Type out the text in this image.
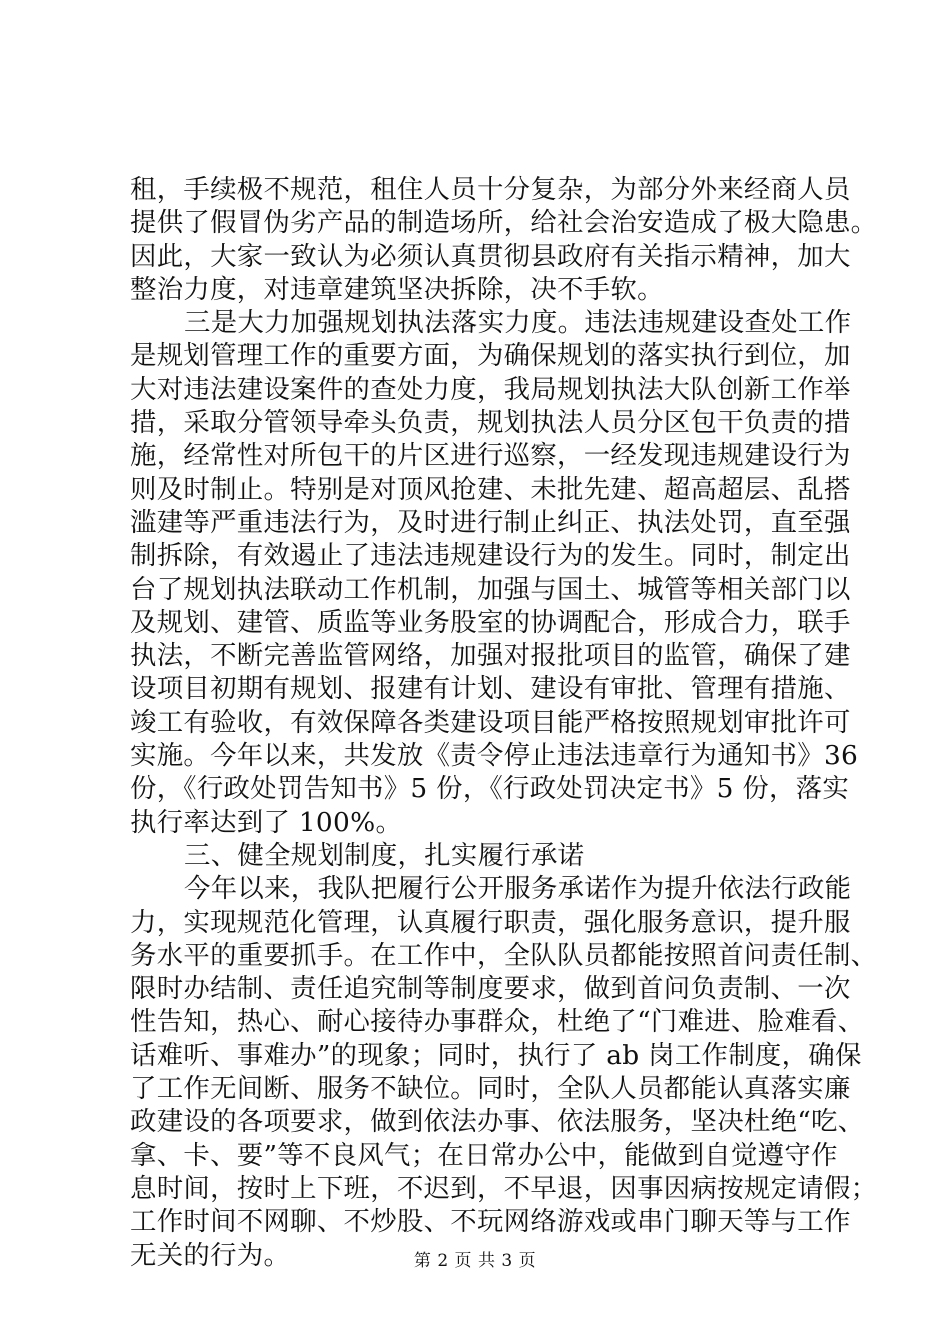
租，手续极不规范，租住人员十分复杂，为部分外来经商人员
提供了假冒伪劣产品的制造场所，给社会治安造成了极大隐患。
因此，大家一致认为必须认真贯彻县政府有关指示精神，加大
整治力度，对违章建筑坚决拆除，决不手软。
三是大力加强规划执法落实力度。违法违规建设查处工作
是规划管理工作的重要方面，为确保规划的落实执行到位，加
大对违法建设案件的查处力度，我局规划执法大队创新工作举
措，采取分管领导牵头负责，规划执法人员分区包干负责的措
施，经常性对所包干的片区进行巡察，一经发现违规建设行为
则及时制止。特别是对顶风抢建、未批先建、超高超层、乱搭
滥建等严重违法行为，及时进行制止纠正、执法处罚，直至强
制拆除，有效遏止了违法违规建设行为的发生。同时，制定出
台了规划执法联动工作机制，加强与国土、城管等相关部门以
及规划、建管、质监等业务股室的协调配合，形成合力，联手
执法，不断完善监管网络，加强对报批项目的监管，确保了建
设项目初期有规划、报建有计划、建设有审批、管理有措施、
竣工有验收，有效保障各类建设项目能严格按照规划审批许可
实施。今年以来，共发放《责令停止违法违章行为通知书》36
份，《行政处罚告知书》5 份，《行政处罚决定书》5 份，落实
执行率达到了 100%。
三、健全规划制度，扎实履行承诺
今年以来，我队把履行公开服务承诺作为提升依法行政能
力，实现规范化管理，认真履行职责，强化服务意识，提升服
务水平的重要抓手。在工作中，全队队员都能按照首问责任制、
限时办结制、责任追究制等制度要求，做到首问负责制、一次
性告知，热心、耐心接待办事群众，杜绝了“门难进、脸难看、
话难听、事难办”的现象；同时，执行了 ab 岗工作制度，确保
了工作无间断、服务不缺位。同时，全队人员都能认真落实廉
政建设的各项要求，做到依法办事、依法服务，坚决杜绝“吃、
拿、卡、要”等不良风气；在日常办公中，能做到自觉遵守作
息时间，按时上下班，不迟到，不早退，因事因病按规定请假；
工作时间不网聊、不炒股、不玩网络游戏或串门聊天等与工作
无关的行为。	第 2 页 共 3 页
